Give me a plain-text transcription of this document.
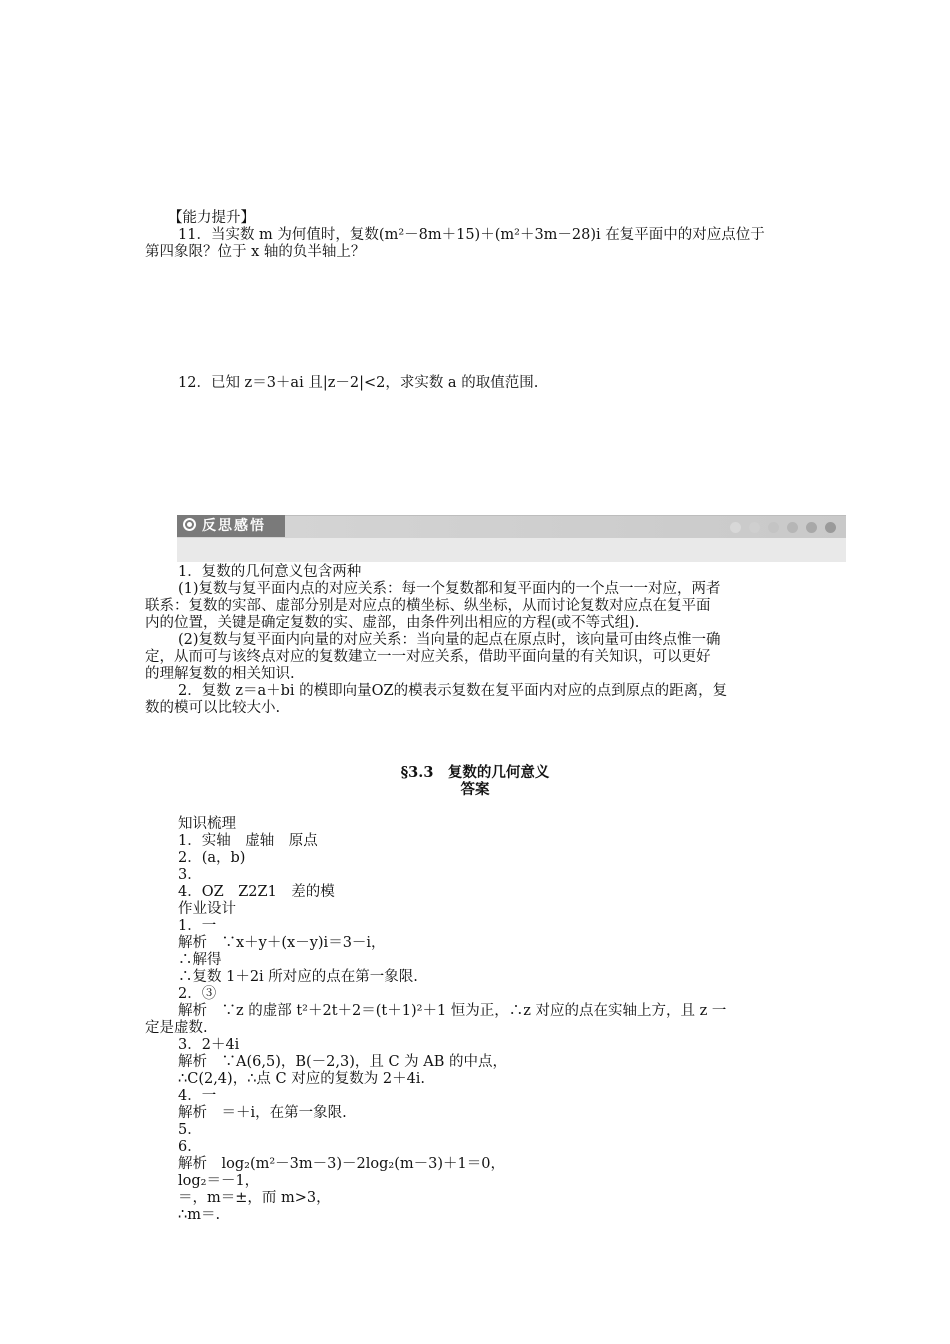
【能力提升】
11．当实数 m 为何值时，复数(m²－8m＋15)＋(m²＋3m－28)i 在复平面中的对应点位于
第四象限？位于 x 轴的负半轴上？
12．已知 z＝3＋ai 且|z－2|<2，求实数 a 的取值范围.
反思感悟
1．复数的几何意义包含两种
(1)复数与复平面内点的对应关系：每一个复数都和复平面内的一个点一一对应，两者
联系：复数的实部、虚部分别是对应点的横坐标、纵坐标，从而讨论复数对应点在复平面
内的位置，关键是确定复数的实、虚部，由条件列出相应的方程(或不等式组).
(2)复数与复平面内向量的对应关系：当向量的起点在原点时，该向量可由终点惟一确
定，从而可与该终点对应的复数建立一一对应关系，借助平面向量的有关知识，可以更好
的理解复数的相关知识.
2．复数 z＝a＋bi 的模即向量OZ的模表示复数在复平面内对应的点到原点的距离，复
数的模可以比较大小.
§3.3　复数的几何意义
答案
知识梳理
1．实轴　虚轴　原点
2．(a，b)
3．
4．OZ　Z2Z1　差的模
作业设计
1．一
解析　∵x＋y＋(x－y)i＝3－i，
∴解得
∴复数 1＋2i 所对应的点在第一象限.
2．③
解析　∵z 的虚部 t²＋2t＋2＝(t＋1)²＋1 恒为正，∴z 对应的点在实轴上方，且 z 一
定是虚数.
3．2＋4i
解析　∵A(6,5)，B(－2,3)，且 C 为 AB 的中点，
∴C(2,4)，∴点 C 对应的复数为 2＋4i.
4．一
解析　＝＋i，在第一象限.
5．
6．
解析　log₂(m²－3m－3)－2log₂(m－3)＋1＝0，
log₂＝－1，
＝，m＝±，而 m>3，
∴m＝.
